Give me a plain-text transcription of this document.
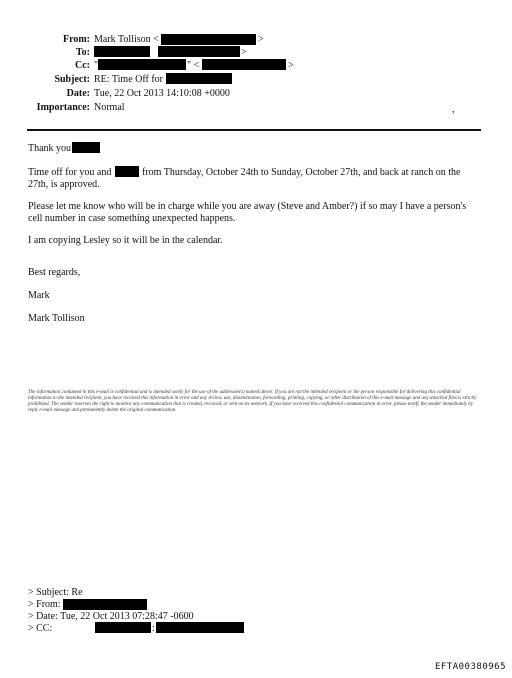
From: Mark Tollison <	>
To:	>
Cc: "	" <	>
Subject: RE: Time Off for
Date: Tue, 22 Oct 2013 14:10:08 +0000
Importance: Normal	,
Thank you
Time off for you and	from Thursday, October 24th to Sunday, October 27th, and back at ranch on the
27th, is approved.
Please let me know who will be in charge while you are away (Steve and Amber?) if so may I have a person's cell number in case something unexpected happens.
I am copying Lesley so it will be in the calendar.
Best regards,
Mark
Mark Tollison
The information contained in this e-mail is confidential and is intended solely for the use of the addressee(s) named above. If you are not the intended recipient or the person responsible for delivering this confidential information to the intended recipient, you have received this information in error and any review, use, dissemination, forwarding, printing, copying, or other distribution of this e-mail message and any attached files is strictly prohibited. The sender reserves the right to monitor any communication that is created, received, or sent on its network. If you have received this confidential communication in error, please notify the sender immediately by reply e-mail message and permanently delete the original communication.
> Subject: Re
> From:
> Date: Tue, 22 Oct 2013 07:28:47 -0600
> CC:	:
EFTA00380965
